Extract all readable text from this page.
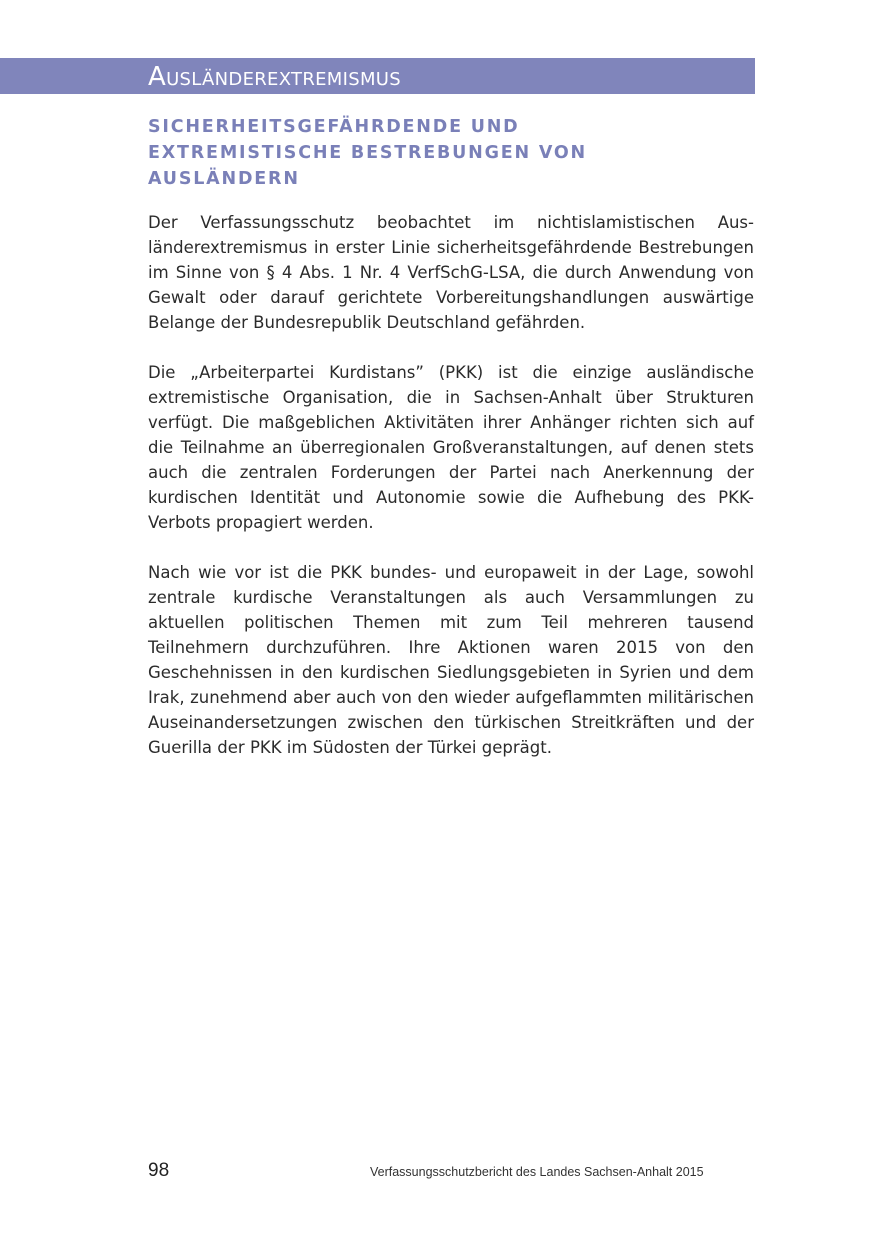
Ausländerextremismus
SICHERHEITSGEFÄHRDENDE UND EXTREMISTISCHE BESTREBUNGEN VON AUSLÄNDERN

Der Verfassungsschutz beobachtet im nichtislamistischen Ausländerextremismus in erster Linie sicherheitsgefährdende Bestrebungen im Sinne von § 4 Abs. 1 Nr. 4 VerfSchG-LSA, die durch Anwendung von Gewalt oder darauf gerichtete Vorbereitungshandlungen auswärtige Belange der Bundesrepublik Deutschland gefährden.

Die „Arbeiterpartei Kurdistans” (PKK) ist die einzige ausländische extremistische Organisation, die in Sachsen-Anhalt über Strukturen verfügt. Die maßgeblichen Aktivitäten ihrer Anhänger richten sich auf die Teilnahme an überregionalen Großveranstaltungen, auf denen stets auch die zentralen Forderungen der Partei nach Anerkennung der kurdischen Identität und Autonomie sowie die Aufhebung des PKK-Verbots propagiert werden.

Nach wie vor ist die PKK bundes- und europaweit in der Lage, sowohl zentrale kurdische Veranstaltungen als auch Versammlungen zu aktuellen politischen Themen mit zum Teil mehreren tausend Teilnehmern durchzuführen. Ihre Aktionen waren 2015 von den Geschehnissen in den kurdischen Siedlungsgebieten in Syrien und dem Irak, zunehmend aber auch von den wieder aufgeflammten militärischen Auseinandersetzungen zwischen den türkischen Streitkräften und der Guerilla der PKK im Südosten der Türkei geprägt.

98	Verfassungsschutzbericht des Landes Sachsen-Anhalt 2015
